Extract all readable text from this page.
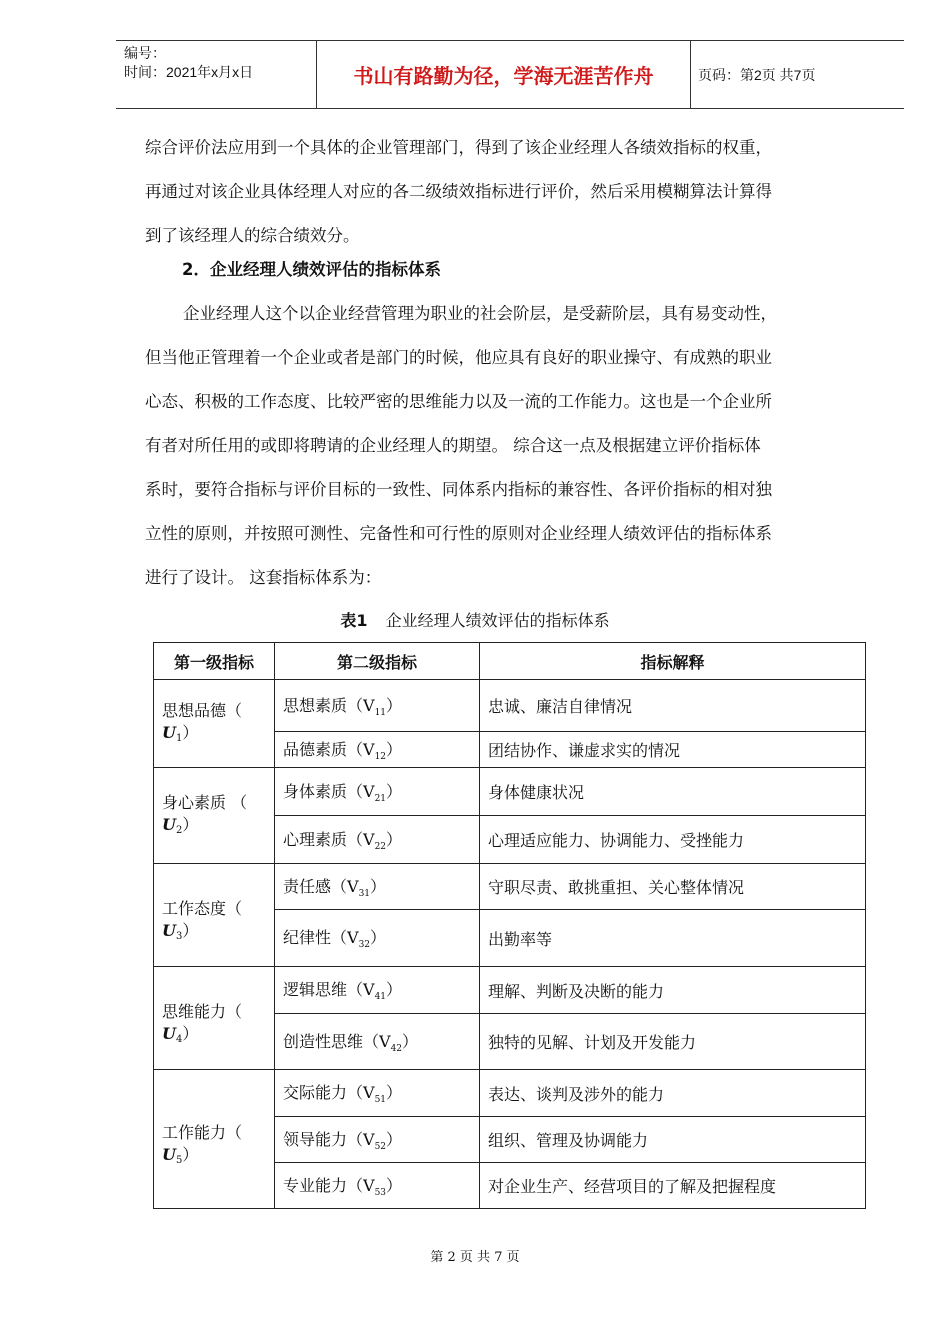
编号：
时间：2021年x月x日	书山有路勤为径，学海无涯苦作舟	页码：第2页 共7页
综合评价法应用到一个具体的企业管理部门，得到了该企业经理人各绩效指标的权重，
再通过对该企业具体经理人对应的各二级绩效指标进行评价，然后采用模糊算法计算得
到了该经理人的综合绩效分。
2．企业经理人绩效评估的指标体系
企业经理人这个以企业经营管理为职业的社会阶层，是受薪阶层，具有易变动性，
但当他正管理着一个企业或者是部门的时候，他应具有良好的职业操守、有成熟的职业
心态、积极的工作态度、比较严密的思维能力以及一流的工作能力。这也是一个企业所
有者对所任用的或即将聘请的企业经理人的期望。 综合这一点及根据建立评价指标体
系时，要符合指标与评价目标的一致性、同体系内指标的兼容性、各评价指标的相对独
立性的原则，并按照可测性、完备性和可行性的原则对企业经理人绩效评估的指标体系
进行了设计。 这套指标体系为：
表1 企业经理人绩效评估的指标体系
第一级指标	第二级指标	指标解释
思想品德（
U1）	思想素质$(V_{11})$	忠诚、廉洁自律情况
	品德素质$(V_{12})$	团结协作、谦虚求实的情况
身心素质 （
U2）	身体素质$(V_{21})$	身体健康状况
	心理素质$(V_{22})$	心理适应能力、协调能力、受挫能力
工作态度（
U3）	责任感$(V_{31})$	守职尽责、敢挑重担、关心整体情况
	纪律性$(V_{32})$	出勤率等
思维能力（
U4）	逻辑思维$(V_{41})$	理解、判断及决断的能力
	创造性思维$(V_{42})$	独特的见解、计划及开发能力
工作能力（
U5）	交际能力$(V_{51})$	表达、谈判及涉外的能力
	领导能力$(V_{52})$	组织、管理及协调能力
	专业能力$(V_{53})$	对企业生产、经营项目的了解及把握程度
第 2 页 共 7 页
